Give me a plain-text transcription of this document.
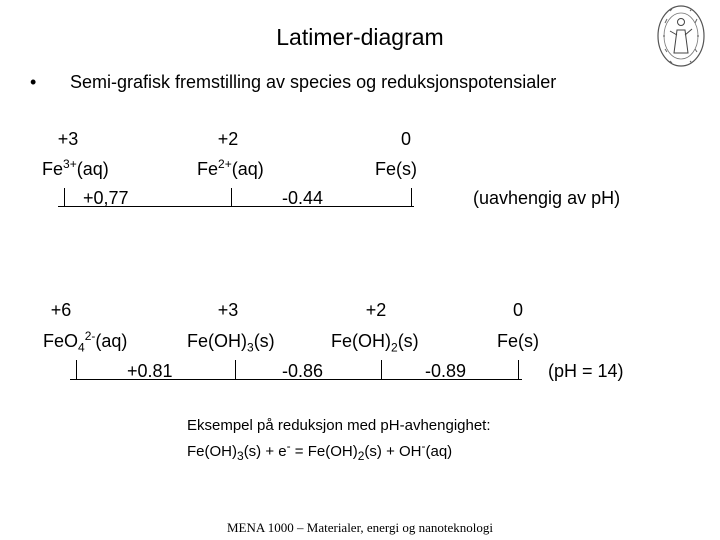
Latimer-diagram
• Semi-grafisk fremstilling av species og reduksjonspotensialer
+3	+2	0
$Fe^{3+}(aq)$	$Fe^{2+}(aq)$	Fe(s)
+0,77	-0.44	(uavhengig av pH)
+6	+3	+2	0
FeO$_4^{2-}$(aq)	$Fe(OH)_3(s)$	$Fe(OH)_2(s)$	Fe(s)
+0.81	-0.86	-0.89	(pH = 14)
Eksempel på reduksjon med pH-avhengighet:
$Fe(OH)_3(s) + e^- = Fe(OH)_2(s) + OH^-(aq)$
MENA 1000 – Materialer, energi og nanoteknologi
